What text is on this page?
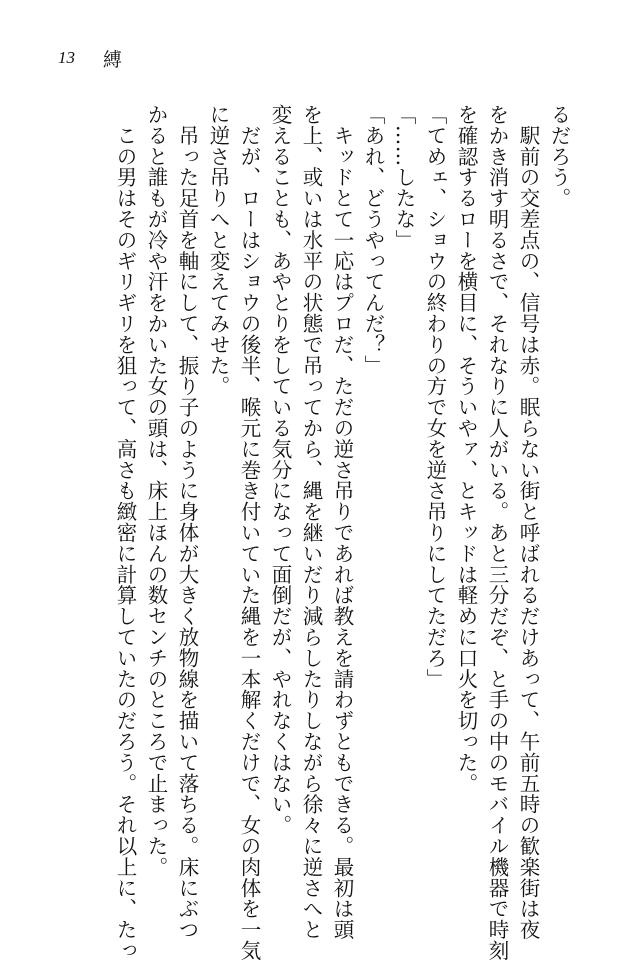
13 縛

るだろう。

　駅前の交差点の、信号は赤。眠らない街と呼ばれるだけあって、午前五時の歓楽街は夜

をかき消す明るさで、それなりに人がいる。あと三分だぞ、と手の中のモバイル機器で時刻

を確認するローを横目に、そういやァ、とキッドは軽めに口火を切った。

「てめェ、ショウの終わりの方で女を逆さ吊りにしてただろ」

「……したな」

「あれ、どうやってんだ？」

　キッドとて一応はプロだ、ただの逆さ吊りであれば教えを請わずともできる。最初は頭

を上、或いは水平の状態で吊ってから、縄を継いだり減らしたりしながら徐々に逆さへと

変えることも、あやとりをしている気分になって面倒だが、やれなくはない。

　だが、ローはショウの後半、喉元に巻き付いていた縄を一本解くだけで、女の肉体を一気

に逆さ吊りへと変えてみせた。

　吊った足首を軸にして、振り子のように身体が大きく放物線を描いて落ちる。床にぶつ

かると誰もが冷や汗をかいた女の頭は、床上ほんの数センチのところで止まった。

　この男はそのギリギリを狙って、高さも緻密に計算していたのだろう。それ以上に、たっ
